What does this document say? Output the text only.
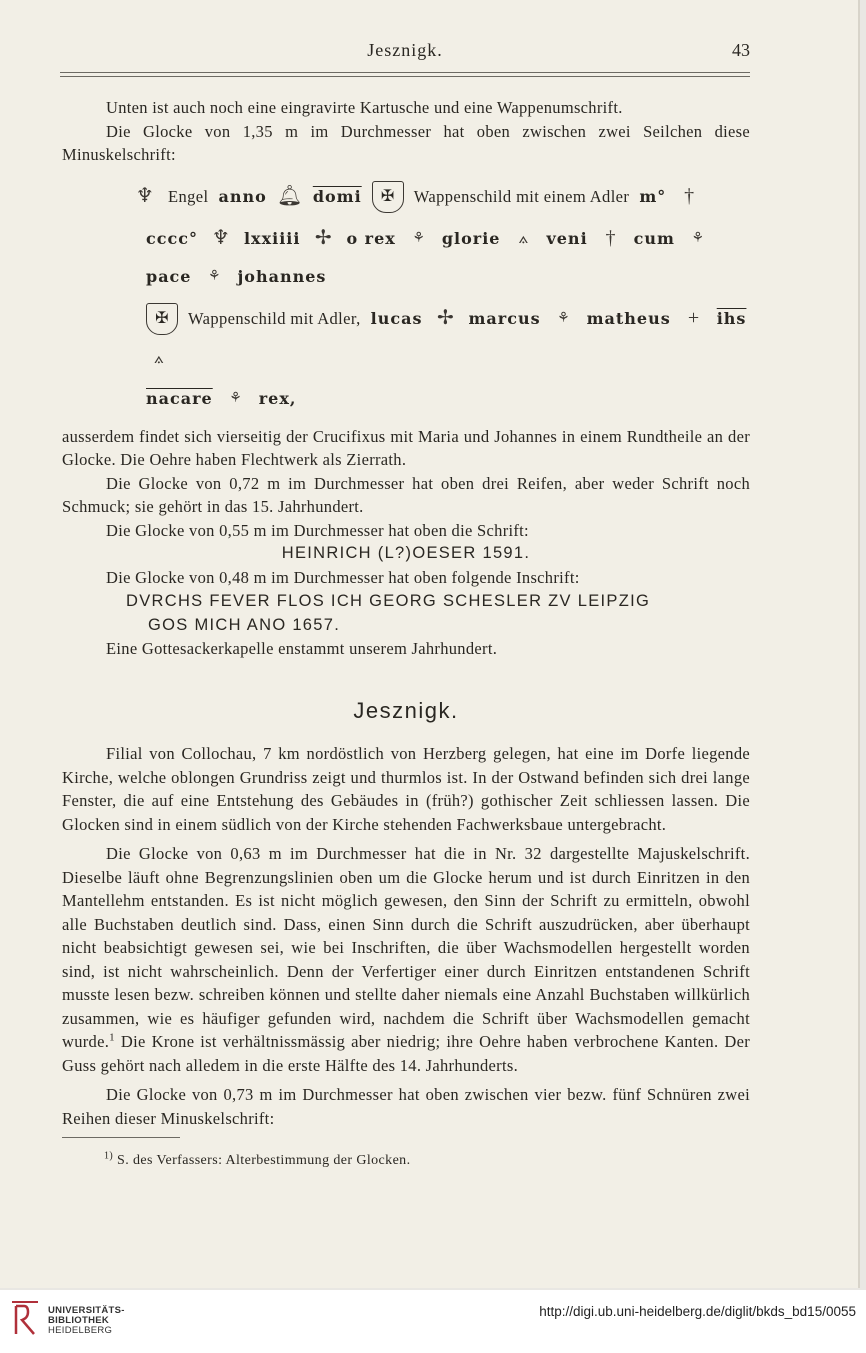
Jesznigk.	43

Unten ist auch noch eine eingravirte Kartusche und eine Wappenumschrift.

Die Glocke von 1,35 m im Durchmesser hat oben zwischen zwei Seilchen diese Minuskelschrift:

♆ Engel anno 🔔︎ domi	✠	Wappenschild mit einem Adler m° †
cccc° ♆ lxxiiii ✢ o rex	⚘	glorie	⟑	veni †	cum	⚘
pace	⚘	johannes
✠	Wappenschild mit Adler, lucas ✢ marcus	⚘	matheus +	$\overline{ihs}$
⟑
nacare	⚘	rex,

ausserdem findet sich vierseitig der Crucifixus mit Maria und Johannes in einem Rundtheile an der Glocke. Die Oehre haben Flechtwerk als Zierrath.

Die Glocke von 0,72 m im Durchmesser hat oben drei Reifen, aber weder Schrift noch Schmuck; sie gehört in das 15. Jahrhundert.

Die Glocke von 0,55 m im Durchmesser hat oben die Schrift:

HEINRICH (L?)OESER 1591.

Die Glocke von 0,48 m im Durchmesser hat oben folgende Inschrift:

DVRCHS FEVER FLOS ICH GEORG SCHESLER ZV LEIPZIG

GOS MICH ANO 1657.

Eine Gottesackerkapelle enstammt unserem Jahrhundert.

Jesznigk.

Filial von Collochau, 7 km nordöstlich von Herzberg gelegen, hat eine im Dorfe liegende Kirche, welche oblongen Grundriss zeigt und thurmlos ist. In der Ostwand befinden sich drei lange Fenster, die auf eine Entstehung des Gebäudes in (früh?) gothischer Zeit schliessen lassen. Die Glocken sind in einem südlich von der Kirche stehenden Fachwerksbaue untergebracht.

Die Glocke von 0,63 m im Durchmesser hat die in Nr. 32 dargestellte Majuskelschrift. Dieselbe läuft ohne Begrenzungslinien oben um die Glocke herum und ist durch Einritzen in den Mantellehm entstanden. Es ist nicht möglich gewesen, den Sinn der Schrift zu ermitteln, obwohl alle Buchstaben deutlich sind. Dass, einen Sinn durch die Schrift auszudrücken, aber überhaupt nicht beabsichtigt gewesen sei, wie bei Inschriften, die über Wachsmodellen hergestellt worden sind, ist nicht wahrscheinlich. Denn der Verfertiger einer durch Einritzen entstandenen Schrift musste lesen bezw. schreiben können und stellte daher niemals eine Anzahl Buchstaben willkürlich zusammen, wie es häufiger gefunden wird, nachdem die Schrift über Wachsmodellen gemacht wurde.$^1$ Die Krone ist verhältnissmässig aber niedrig; ihre Oehre haben verbrochene Kanten. Der Guss gehört nach alledem in die erste Hälfte des 14. Jahrhunderts.

Die Glocke von 0,73 m im Durchmesser hat oben zwischen vier bezw. fünf Schnüren zwei Reihen dieser Minuskelschrift:

$^{1)}$ S. des Verfassers: Alterbestimmung der Glocken.
UNIVERSITÄTS-
BIBLIOTHEK
HEIDELBERG
http://digi.ub.uni-heidelberg.de/diglit/bkds_bd15/0055
